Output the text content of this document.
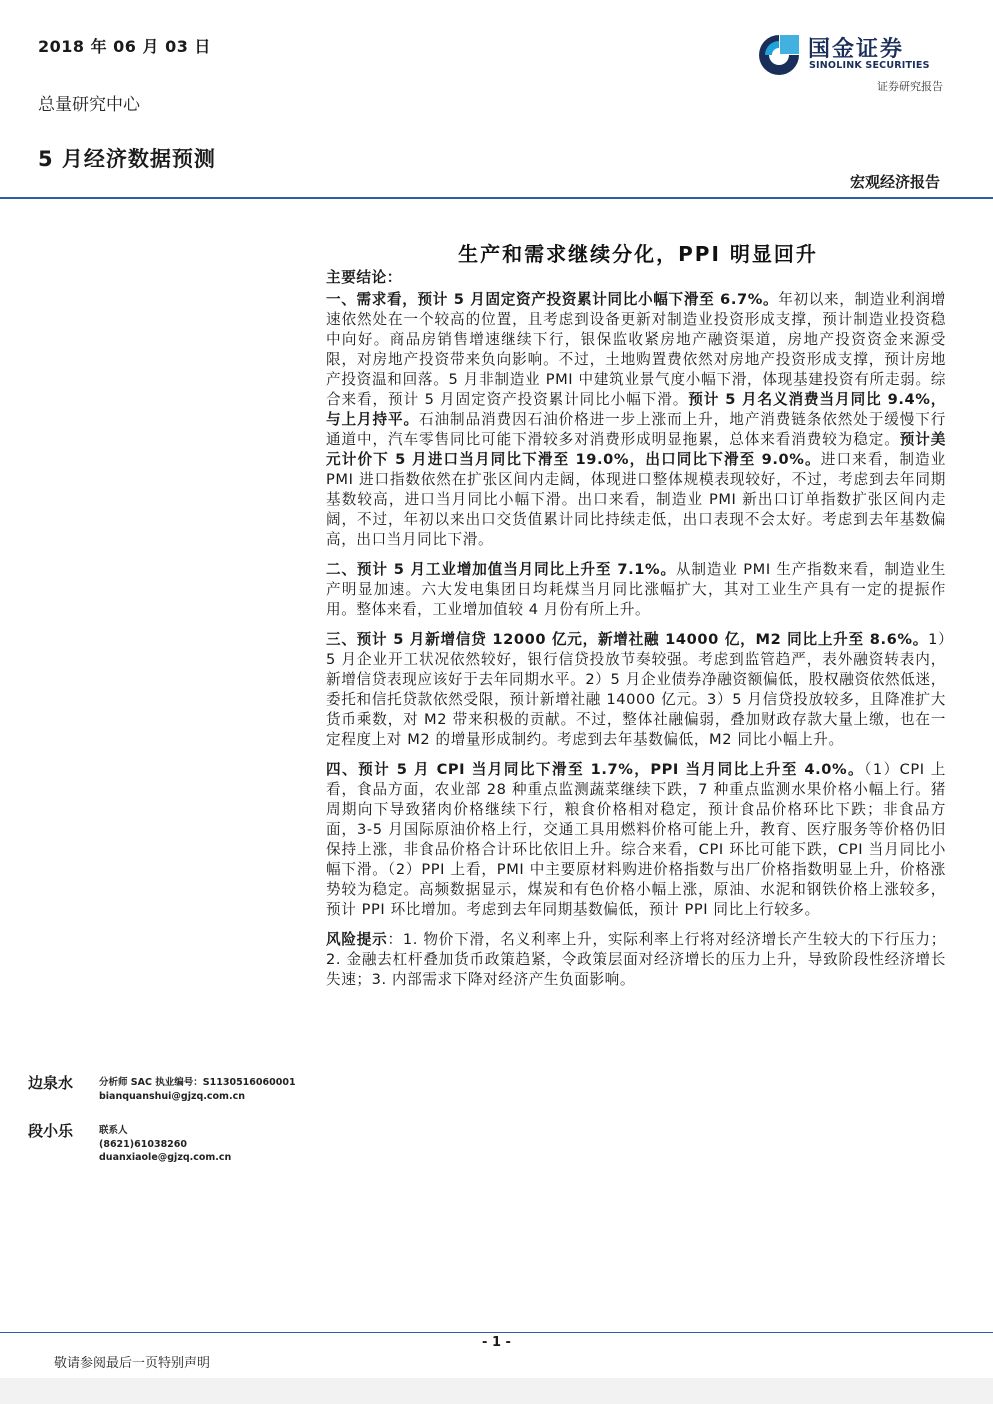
2018 年 06 月 03 日
总量研究中心
5 月经济数据预测
国金证券
SINOLINK SECURITIES
证券研究报告
宏观经济报告
生产和需求继续分化，PPI 明显回升

主要结论：

一、需求看，预计 5 月固定资产投资累计同比小幅下滑至 6.7%。年初以来，制造业利润增速依然处在一个较高的位置，且考虑到设备更新对制造业投资形成支撑，预计制造业投资稳中向好。商品房销售增速继续下行，银保监收紧房地产融资渠道，房地产投资资金来源受限，对房地产投资带来负向影响。不过，土地购置费依然对房地产投资形成支撑，预计房地产投资温和回落。5 月非制造业 PMI 中建筑业景气度小幅下滑，体现基建投资有所走弱。综合来看，预计 5 月固定资产投资累计同比小幅下滑。预计 5 月名义消费当月同比 9.4%，与上月持平。石油制品消费因石油价格进一步上涨而上升，地产消费链条依然处于缓慢下行通道中，汽车零售同比可能下滑较多对消费形成明显拖累，总体来看消费较为稳定。预计美元计价下 5 月进口当月同比下滑至 19.0%，出口同比下滑至 9.0%。进口来看，制造业 PMI 进口指数依然在扩张区间内走阔，体现进口整体规模表现较好，不过，考虑到去年同期基数较高，进口当月同比小幅下滑。出口来看，制造业 PMI 新出口订单指数扩张区间内走阔，不过，年初以来出口交货值累计同比持续走低，出口表现不会太好。考虑到去年基数偏高，出口当月同比下滑。

二、预计 5 月工业增加值当月同比上升至 7.1%。从制造业 PMI 生产指数来看，制造业生产明显加速。六大发电集团日均耗煤当月同比涨幅扩大，其对工业生产具有一定的提振作用。整体来看，工业增加值较 4 月份有所上升。

三、预计 5 月新增信贷 12000 亿元，新增社融 14000 亿，M2 同比上升至 8.6%。1）5 月企业开工状况依然较好，银行信贷投放节奏较强。考虑到监管趋严，表外融资转表内，新增信贷表现应该好于去年同期水平。2）5 月企业债券净融资额偏低，股权融资依然低迷，委托和信托贷款依然受限，预计新增社融 14000 亿元。3）5 月信贷投放较多，且降准扩大货币乘数，对 M2 带来积极的贡献。不过，整体社融偏弱，叠加财政存款大量上缴，也在一定程度上对 M2 的增量形成制约。考虑到去年基数偏低，M2 同比小幅上升。

四、预计 5 月 CPI 当月同比下滑至 1.7%，PPI 当月同比上升至 4.0%。（1）CPI 上看，食品方面，农业部 28 种重点监测蔬菜继续下跌，7 种重点监测水果价格小幅上行。猪周期向下导致猪肉价格继续下行，粮食价格相对稳定，预计食品价格环比下跌；非食品方面，3-5 月国际原油价格上行，交通工具用燃料价格可能上升，教育、医疗服务等价格仍旧保持上涨，非食品价格合计环比依旧上升。综合来看，CPI 环比可能下跌，CPI 当月同比小幅下滑。（2）PPI 上看，PMI 中主要原材料购进价格指数与出厂价格指数明显上升，价格涨势较为稳定。高频数据显示，煤炭和有色价格小幅上涨，原油、水泥和钢铁价格上涨较多，预计 PPI 环比增加。考虑到去年同期基数偏低，预计 PPI 同比上行较多。

风险提示：1. 物价下滑，名义利率上升，实际利率上行将对经济增长产生较大的下行压力；2. 金融去杠杆叠加货币政策趋紧，令政策层面对经济增长的压力上升，导致阶段性经济增长失速；3. 内部需求下降对经济产生负面影响。

边泉水	分析师 SAC 执业编号：S1130516060001
bianquanshui@gjzq.com.cn
段小乐	联系人
(8621)61038260
duanxiaole@gjzq.com.cn
- 1 -
敬请参阅最后一页特别声明
